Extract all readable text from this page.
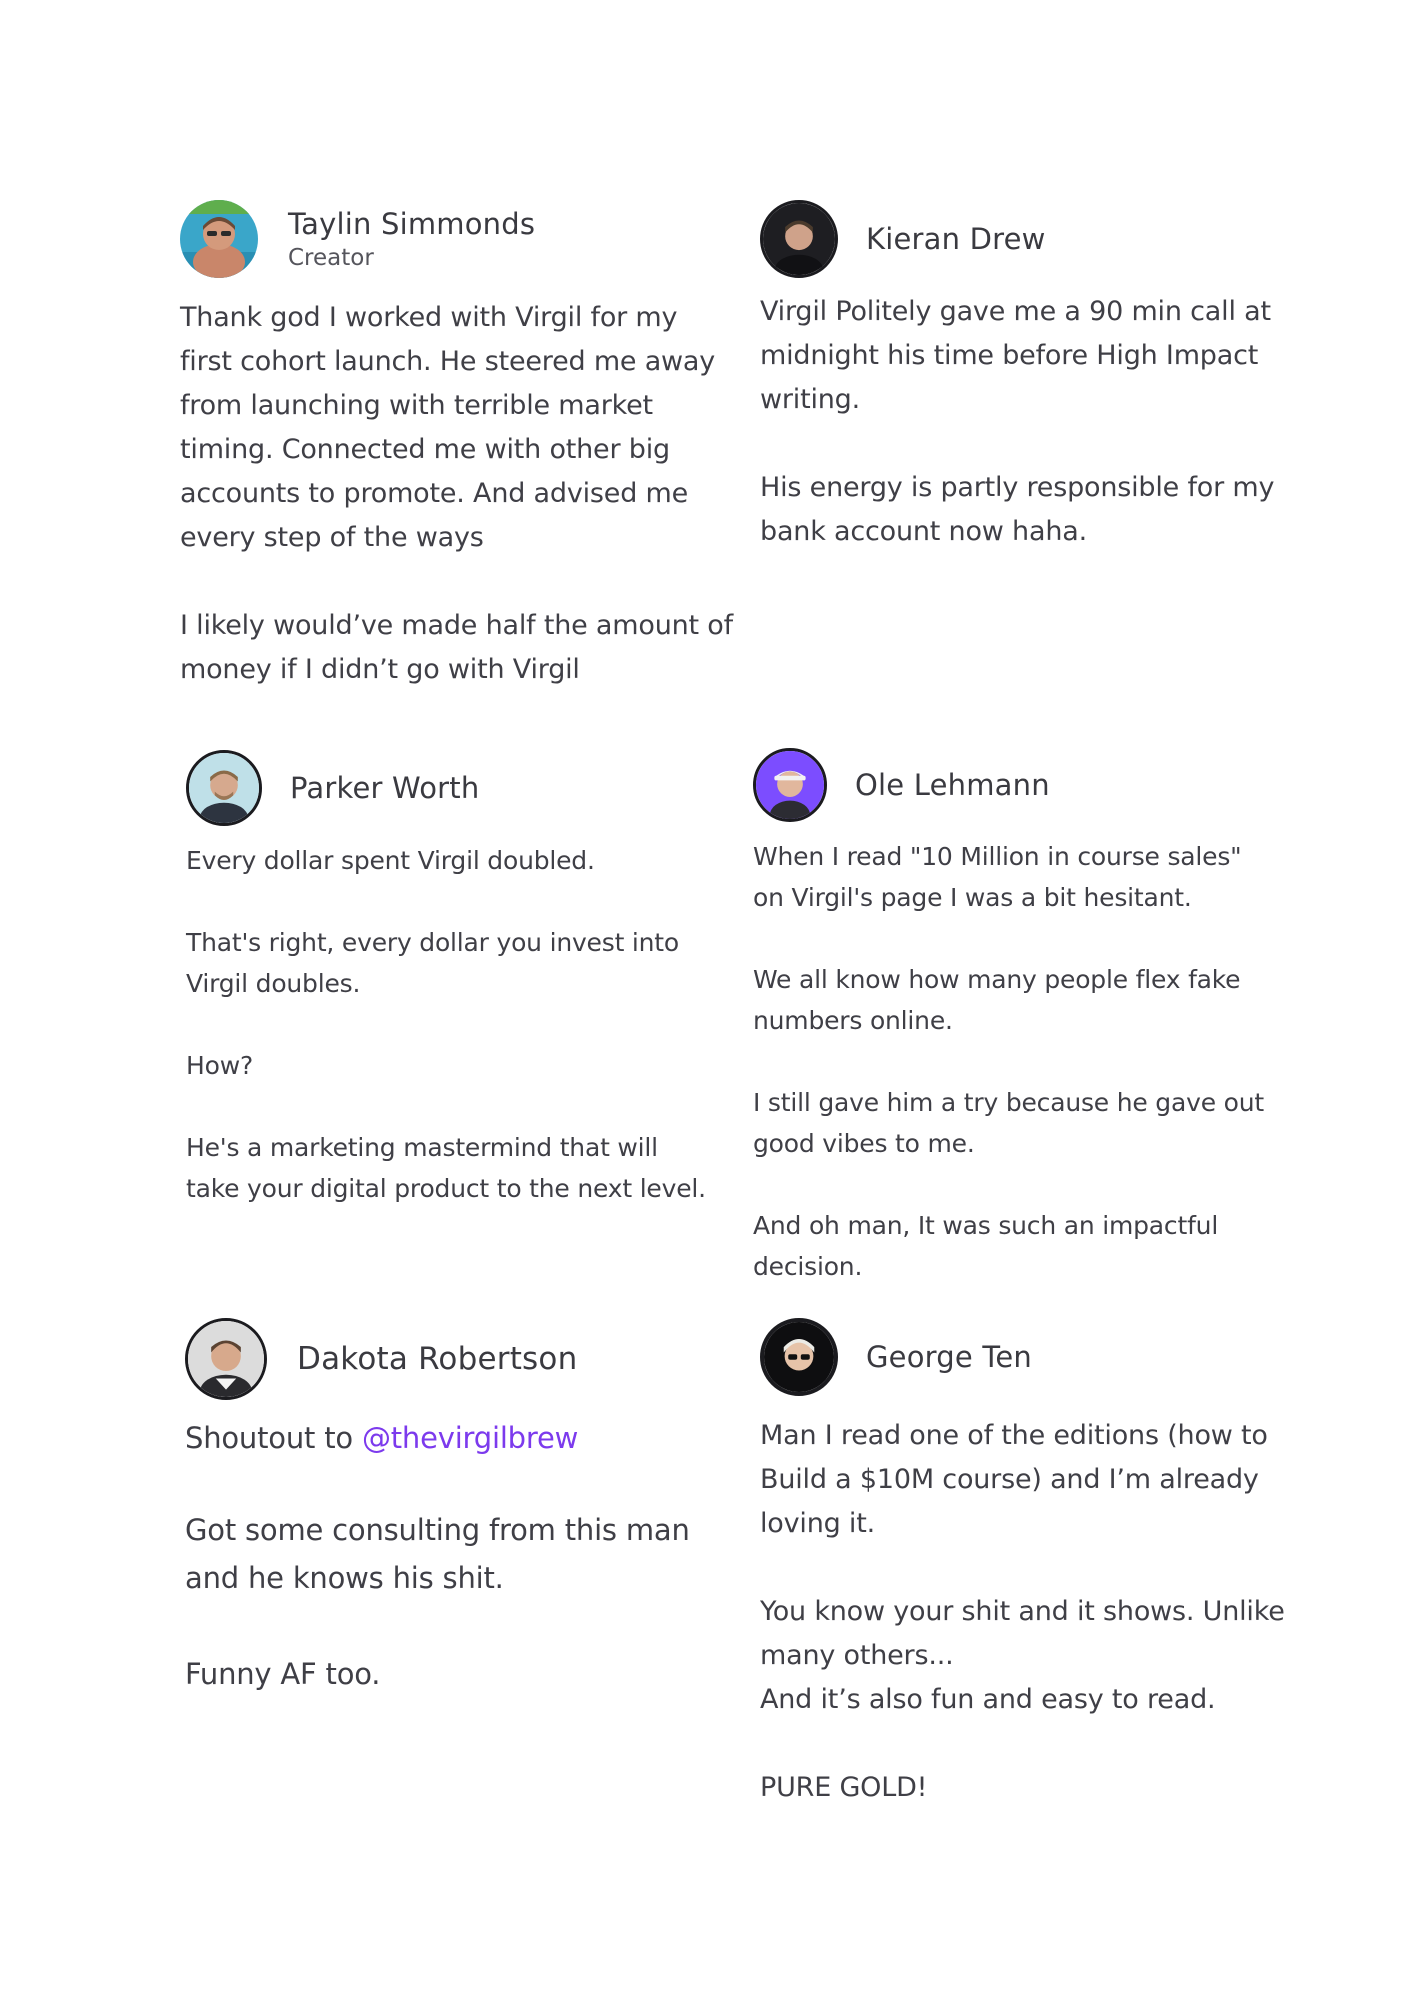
Taylin Simmonds
Creator

Thank god I worked with Virgil for my first cohort launch. He steered me away from launching with terrible market timing. Connected me with other big accounts to promote. And advised me every step of the ways

I likely would’ve made half the amount of money if I didn’t go with Virgil

Kieran Drew

Virgil Politely gave me a 90 min call at midnight his time before High Impact writing.

His energy is partly responsible for my bank account now haha.

Parker Worth

Every dollar spent Virgil doubled.

That's right, every dollar you invest into Virgil doubles.

How?

He's a marketing mastermind that will take your digital product to the next level.

Ole Lehmann

When I read "10 Million in course sales" on Virgil's page I was a bit hesitant.

We all know how many people flex fake numbers online.

I still gave him a try because he gave out good vibes to me.

And oh man, It was such an impactful decision.

Dakota Robertson

Shoutout to @thevirgilbrew

Got some consulting from this man and he knows his shit.

Funny AF too.

George Ten

Man I read one of the editions (how to Build a $10M course) and I’m already loving it.

You know your shit and it shows. Unlike many others...

And it’s also fun and easy to read.

PURE GOLD!
